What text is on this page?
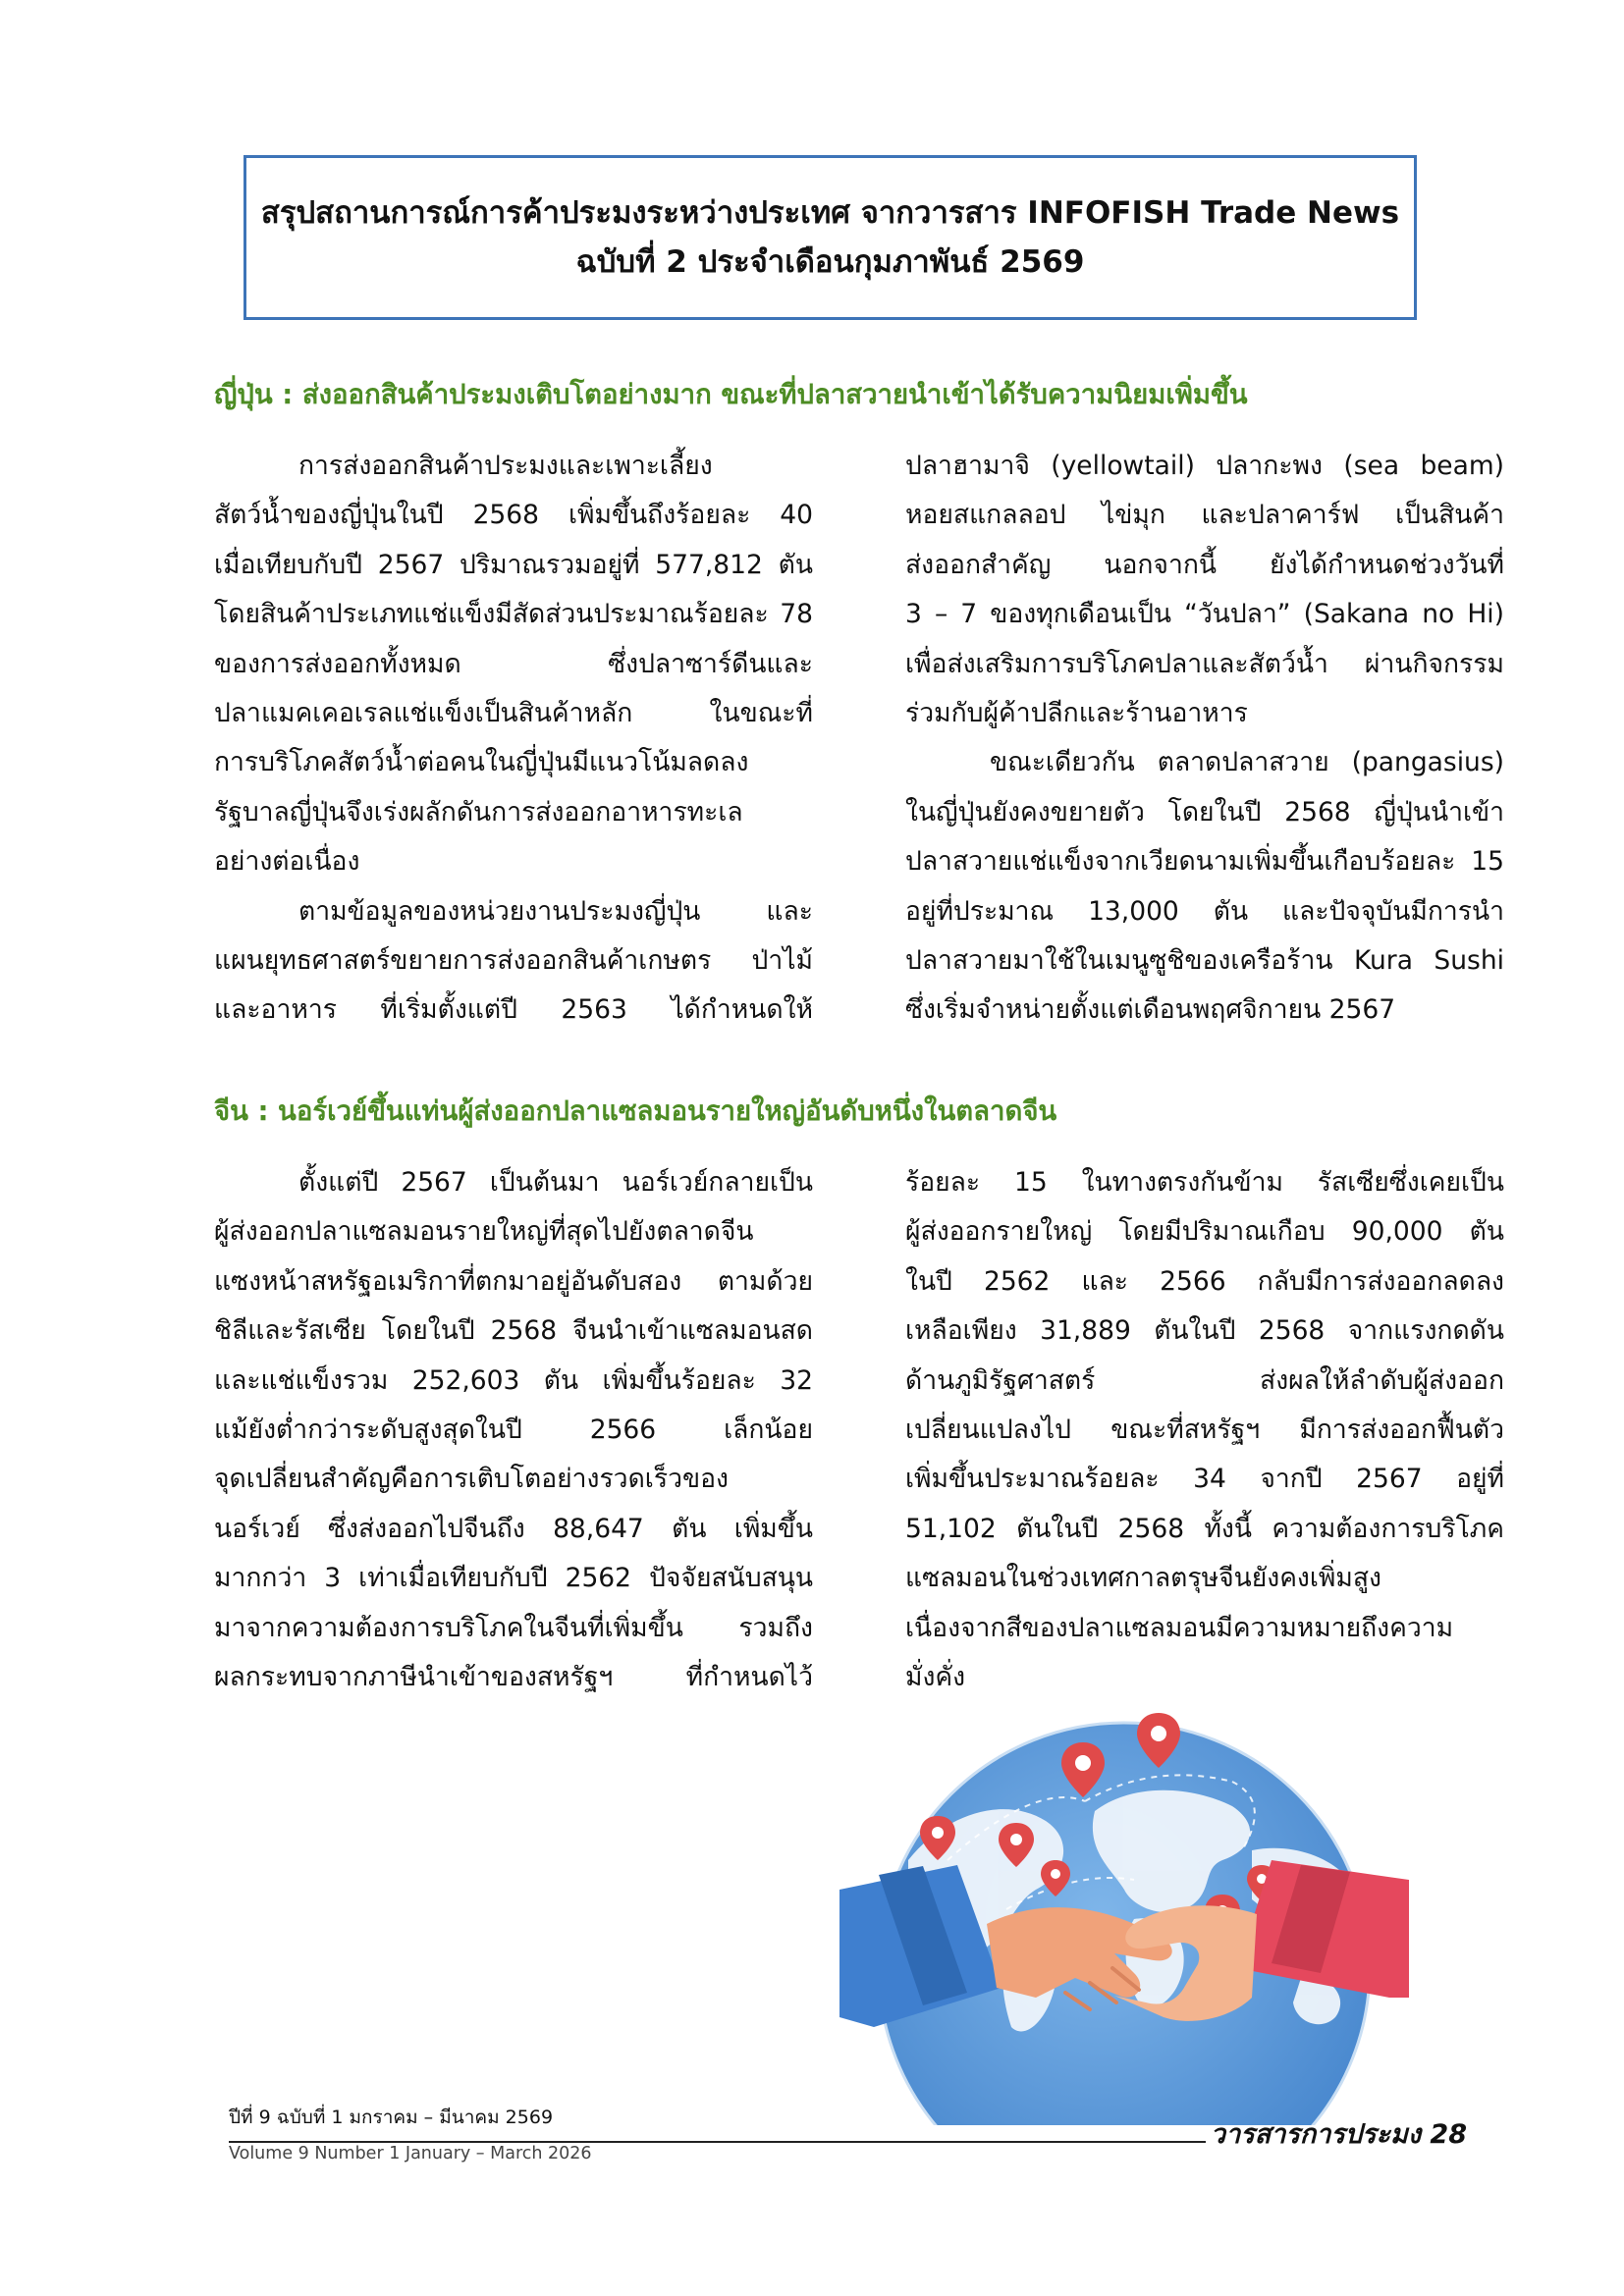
สรุปสถานการณ์การค้าประมงระหว่างประเทศ จากวารสาร INFOFISH Trade News
ฉบับที่ 2 ประจำเดือนกุมภาพันธ์ 2569
ญี่ปุ่น : ส่งออกสินค้าประมงเติบโตอย่างมาก ขณะที่ปลาสวายนำเข้าได้รับความนิยมเพิ่มขึ้น

การส่งออกสินค้าประมงและเพาะเลี้ยง

สัตว์น้ำของญี่ปุ่นในปี 2568 เพิ่มขึ้นถึงร้อยละ 40

เมื่อเทียบกับปี 2567 ปริมาณรวมอยู่ที่ 577,812 ตัน

โดยสินค้าประเภทแช่แข็งมีสัดส่วนประมาณร้อยละ 78

ของการส่งออกทั้งหมด ซึ่งปลาซาร์ดีนและ

ปลาแมคเคอเรลแช่แข็งเป็นสินค้าหลัก ในขณะที่

การบริโภคสัตว์น้ำต่อคนในญี่ปุ่นมีแนวโน้มลดลง

รัฐบาลญี่ปุ่นจึงเร่งผลักดันการส่งออกอาหารทะเล

อย่างต่อเนื่อง

ตามข้อมูลของหน่วยงานประมงญี่ปุ่น และ

แผนยุทธศาสตร์ขยายการส่งออกสินค้าเกษตร ป่าไม้

และอาหาร ที่เริ่มตั้งแต่ปี 2563 ได้กำหนดให้

ปลาฮามาจิ (yellowtail) ปลากะพง (sea beam)

หอยสแกลลอป ไข่มุก และปลาคาร์ฟ เป็นสินค้า

ส่งออกสำคัญ นอกจากนี้ ยังได้กำหนดช่วงวันที่

3 – 7 ของทุกเดือนเป็น “วันปลา” (Sakana no Hi)

เพื่อส่งเสริมการบริโภคปลาและสัตว์น้ำ ผ่านกิจกรรม

ร่วมกับผู้ค้าปลีกและร้านอาหาร

ขณะเดียวกัน ตลาดปลาสวาย (pangasius)

ในญี่ปุ่นยังคงขยายตัว โดยในปี 2568 ญี่ปุ่นนำเข้า

ปลาสวายแช่แข็งจากเวียดนามเพิ่มขึ้นเกือบร้อยละ 15

อยู่ที่ประมาณ 13,000 ตัน และปัจจุบันมีการนำ

ปลาสวายมาใช้ในเมนูซูชิของเครือร้าน Kura Sushi

ซึ่งเริ่มจำหน่ายตั้งแต่เดือนพฤศจิกายน 2567

จีน : นอร์เวย์ขึ้นแท่นผู้ส่งออกปลาแซลมอนรายใหญ่อันดับหนึ่งในตลาดจีน

ตั้งแต่ปี 2567 เป็นต้นมา นอร์เวย์กลายเป็น

ผู้ส่งออกปลาแซลมอนรายใหญ่ที่สุดไปยังตลาดจีน

แซงหน้าสหรัฐอเมริกาที่ตกมาอยู่อันดับสอง ตามด้วย

ชิลีและรัสเซีย โดยในปี 2568 จีนนำเข้าแซลมอนสด

และแช่แข็งรวม 252,603 ตัน เพิ่มขึ้นร้อยละ 32

แม้ยังต่ำกว่าระดับสูงสุดในปี 2566 เล็กน้อย

จุดเปลี่ยนสำคัญคือการเติบโตอย่างรวดเร็วของ

นอร์เวย์ ซึ่งส่งออกไปจีนถึง 88,647 ตัน เพิ่มขึ้น

มากกว่า 3 เท่าเมื่อเทียบกับปี 2562 ปัจจัยสนับสนุน

มาจากความต้องการบริโภคในจีนที่เพิ่มขึ้น รวมถึง

ผลกระทบจากภาษีนำเข้าของสหรัฐฯ ที่กำหนดไว้

ร้อยละ 15 ในทางตรงกันข้าม รัสเซียซึ่งเคยเป็น

ผู้ส่งออกรายใหญ่ โดยมีปริมาณเกือบ 90,000 ตัน

ในปี 2562 และ 2566 กลับมีการส่งออกลดลง

เหลือเพียง 31,889 ตันในปี 2568 จากแรงกดดัน

ด้านภูมิรัฐศาสตร์ ส่งผลให้ลำดับผู้ส่งออก

เปลี่ยนแปลงไป ขณะที่สหรัฐฯ มีการส่งออกฟื้นตัว

เพิ่มขึ้นประมาณร้อยละ 34 จากปี 2567 อยู่ที่

51,102 ตันในปี 2568 ทั้งนี้ ความต้องการบริโภค

แซลมอนในช่วงเทศกาลตรุษจีนยังคงเพิ่มสูง

เนื่องจากสีของปลาแซลมอนมีความหมายถึงความมั่งคั่ง

ปีที่ 9 ฉบับที่ 1 มกราคม – มีนาคม 2569
Volume 9 Number 1 January – March 2026
วารสารการประมง 28
